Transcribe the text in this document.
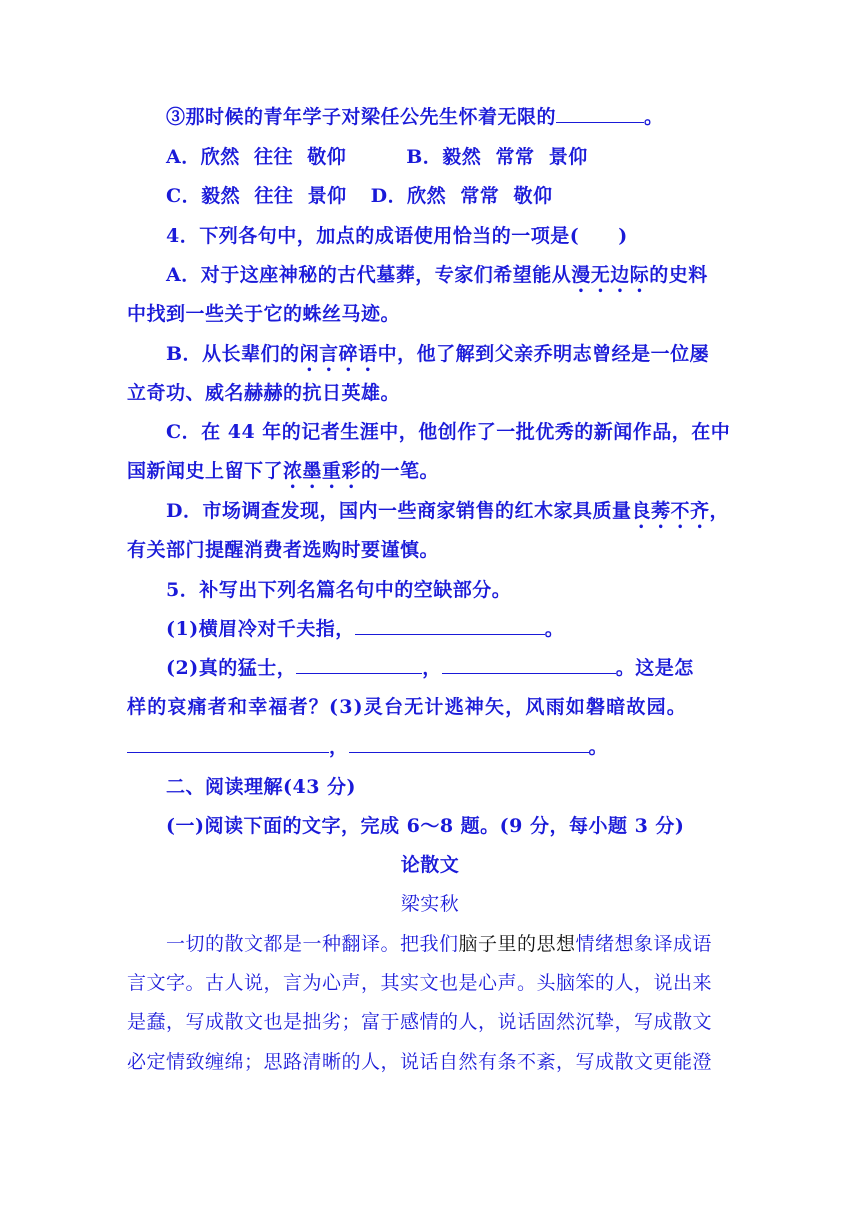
③那时候的青年学子对梁任公先生怀着无限的	。
A．欣然  往往  敬仰	B．毅然  常常  景仰
C．毅然  往往  景仰 D．欣然  常常  敬仰
4．下列各句中，加点的成语使用恰当的一项是(　　)
A．对于这座神秘的古代墓葬，专家们希望能从漫无边际的史料
中找到一些关于它的蛛丝马迹。
B．从长辈们的闲言碎语中，他了解到父亲乔明志曾经是一位屡
立奇功、威名赫赫的抗日英雄。
C．在 44 年的记者生涯中，他创作了一批优秀的新闻作品，在中
国新闻史上留下了浓墨重彩的一笔。
D．市场调查发现，国内一些商家销售的红木家具质量良莠不齐，
有关部门提醒消费者选购时要谨慎。
5．补写出下列名篇名句中的空缺部分。
(1)横眉冷对千夫指，	。
(2)真的猛士，	，	。这是怎
样的哀痛者和幸福者？(3)灵台无计逃神矢，风雨如磐暗故园。
，	。
二、阅读理解(43 分)
(一)阅读下面的文字，完成 6～8 题。(9 分，每小题 3 分)
论散文
梁实秋
一切的散文都是一种翻译。把我们脑子里的思想情绪想象译成语
言文字。古人说，言为心声，其实文也是心声。头脑笨的人，说出来
是蠢，写成散文也是拙劣；富于感情的人，说话固然沉挚，写成散文
必定情致缠绵；思路清晰的人，说话自然有条不紊，写成散文更能澄
